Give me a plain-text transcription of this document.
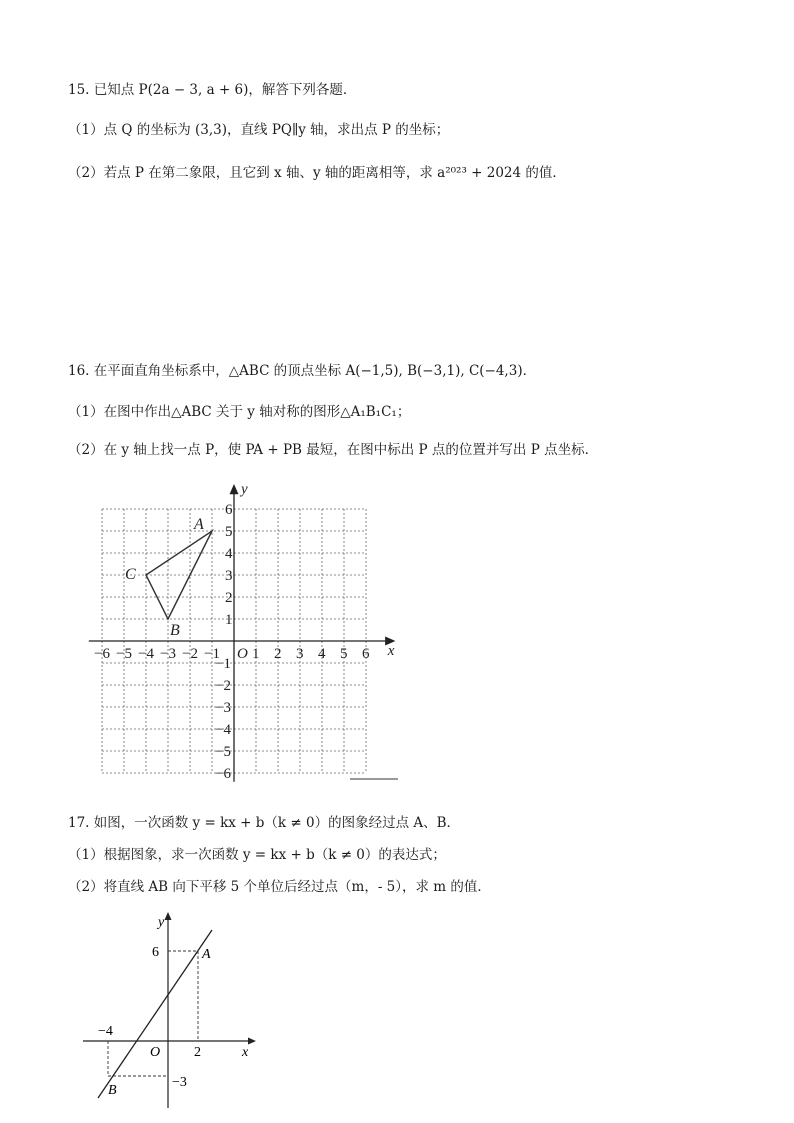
15. 已知点 P(2a − 3, a + 6)，解答下列各题．
（1）点 Q 的坐标为 (3,3)，直线 PQ∥y 轴，求出点 P 的坐标；
（2）若点 P 在第二象限，且它到 x 轴、y 轴的距离相等，求 a²⁰²³ + 2024 的值．
16. 在平面直角坐标系中，△ABC 的顶点坐标 A(−1,5), B(−3,1), C(−4,3)．
（1）在图中作出△ABC 关于 y 轴对称的图形△A₁B₁C₁；
（2）在 y 轴上找一点 P，使 PA + PB 最短，在图中标出 P 点的位置并写出 P 点坐标．
−6 −5 −4 −3 −2 −1 1 2 3 4 5 6
6
5
4
3
2
1
−1
−2
−3
−4
−5
−6
O	x
y
A
B
C
17. 如图，一次函数 y = kx + b（k ≠ 0）的图象经过点 A、B．
（1）根据图象，求一次函数 y = kx + b（k ≠ 0）的表达式；
（2）将直线 AB 向下平移 5 个单位后经过点（m，- 5），求 m 的值．
y
x
O
6
−4
2
−3
A
B
